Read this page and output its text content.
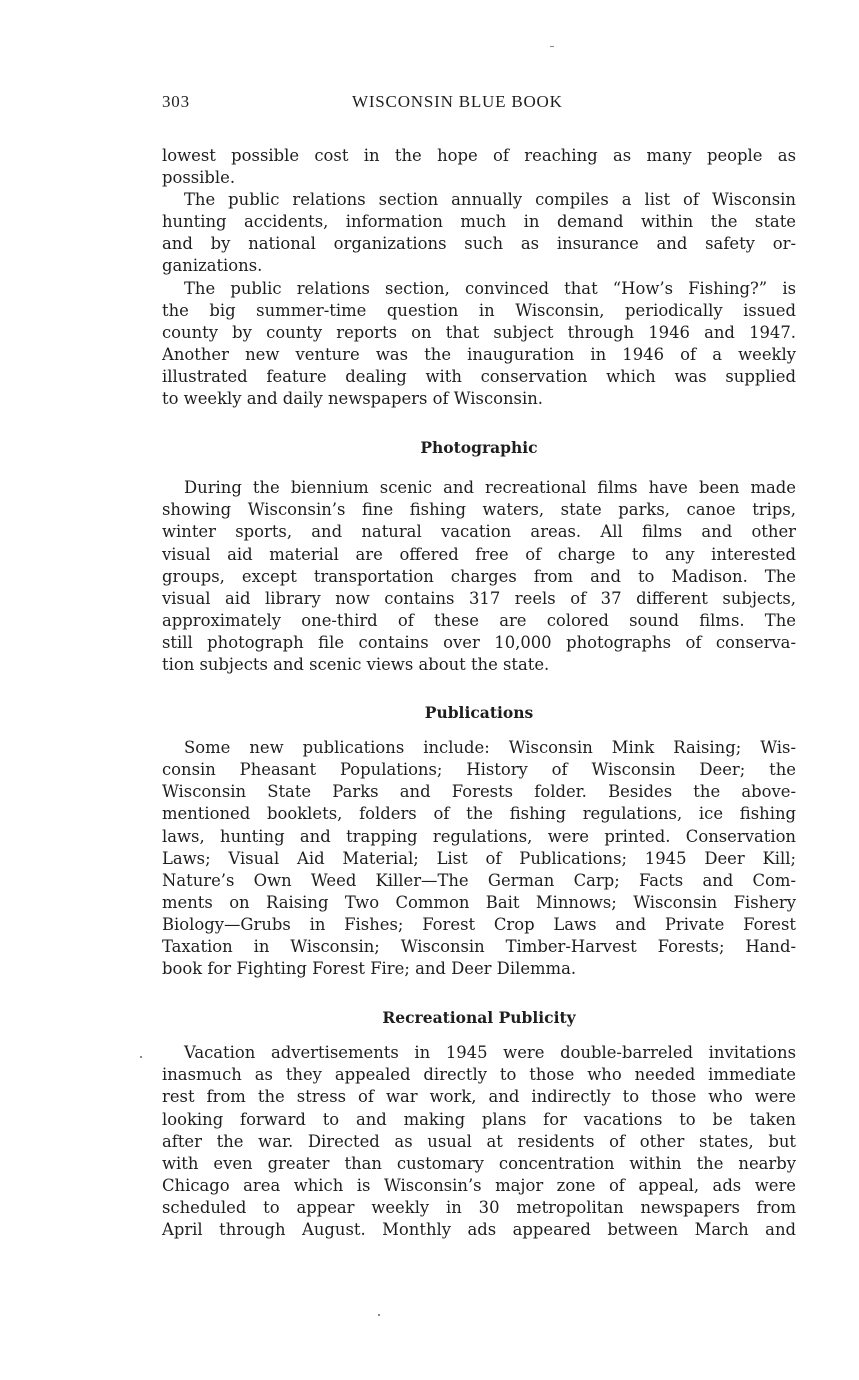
303	WISCONSIN BLUE BOOK
lowest possible cost in the hope of reaching as many people as
possible.
The public relations section annually compiles a list of Wisconsin
hunting accidents, information much in demand within the state
and by national organizations such as insurance and safety or-
ganizations.
The public relations section, convinced that “How’s Fishing?” is
the big summer-time question in Wisconsin, periodically issued
county by county reports on that subject through 1946 and 1947.
Another new venture was the inauguration in 1946 of a weekly
illustrated feature dealing with conservation which was supplied
to weekly and daily newspapers of Wisconsin.
Photographic
During the biennium scenic and recreational films have been made
showing Wisconsin’s fine fishing waters, state parks, canoe trips,
winter sports, and natural vacation areas. All films and other
visual aid material are offered free of charge to any interested
groups, except transportation charges from and to Madison. The
visual aid library now contains 317 reels of 37 different subjects,
approximately one-third of these are colored sound films. The
still photograph file contains over 10,000 photographs of conserva-
tion subjects and scenic views about the state.
Publications
Some new publications include: Wisconsin Mink Raising; Wis-
consin Pheasant Populations; History of Wisconsin Deer; the
Wisconsin State Parks and Forests folder. Besides the above-
mentioned booklets, folders of the fishing regulations, ice fishing
laws, hunting and trapping regulations, were printed. Conservation
Laws; Visual Aid Material; List of Publications; 1945 Deer Kill;
Nature’s Own Weed Killer—The German Carp; Facts and Com-
ments on Raising Two Common Bait Minnows; Wisconsin Fishery
Biology—Grubs in Fishes; Forest Crop Laws and Private Forest
Taxation in Wisconsin; Wisconsin Timber-Harvest Forests; Hand-
book for Fighting Forest Fire; and Deer Dilemma.
Recreational Publicity
Vacation advertisements in 1945 were double-barreled invitations
inasmuch as they appealed directly to those who needed immediate
rest from the stress of war work, and indirectly to those who were
looking forward to and making plans for vacations to be taken
after the war. Directed as usual at residents of other states, but
with even greater than customary concentration within the nearby
Chicago area which is Wisconsin’s major zone of appeal, ads were
scheduled to appear weekly in 30 metropolitan newspapers from
April through August. Monthly ads appeared between March and
